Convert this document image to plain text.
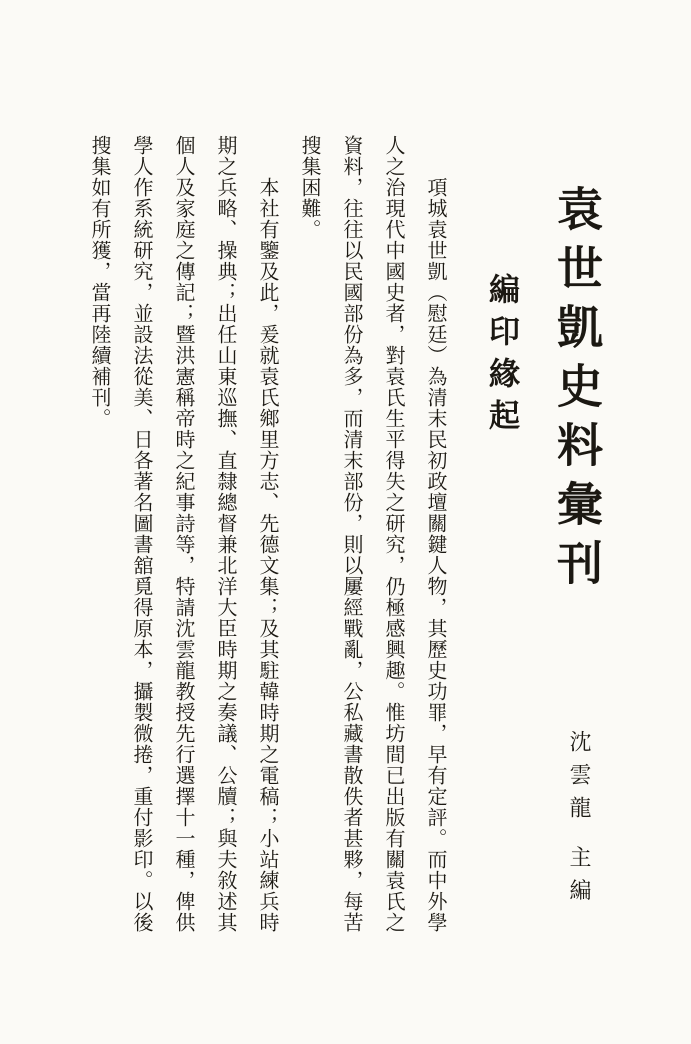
袁世凱史料彙刊
編印緣起
沈雲龍 主編

項城袁世凱（慰廷）為清末民初政壇關鍵人物，其歷史功罪，早有定評。而中外學

人之治現代中國史者，對袁氏生平得失之研究，仍極感興趣。惟坊間已出版有關袁氏之

資料，往往以民國部份為多，而清末部份，則以屢經戰亂，公私藏書散佚者甚夥，每苦

搜集困難。

本社有鑒及此，爰就袁氏鄉里方志、先德文集；及其駐韓時期之電稿；小站練兵時

期之兵略、操典；出任山東巡撫、直隸總督兼北洋大臣時期之奏議、公牘；與夫敘述其

個人及家庭之傳記；暨洪憲稱帝時之紀事詩等，特請沈雲龍教授先行選擇十一種，俾供

學人作系統研究，並設法從美、日各著名圖書舘覓得原本，攝製微捲，重付影印。以後

搜集如有所獲，當再陸續補刊。
